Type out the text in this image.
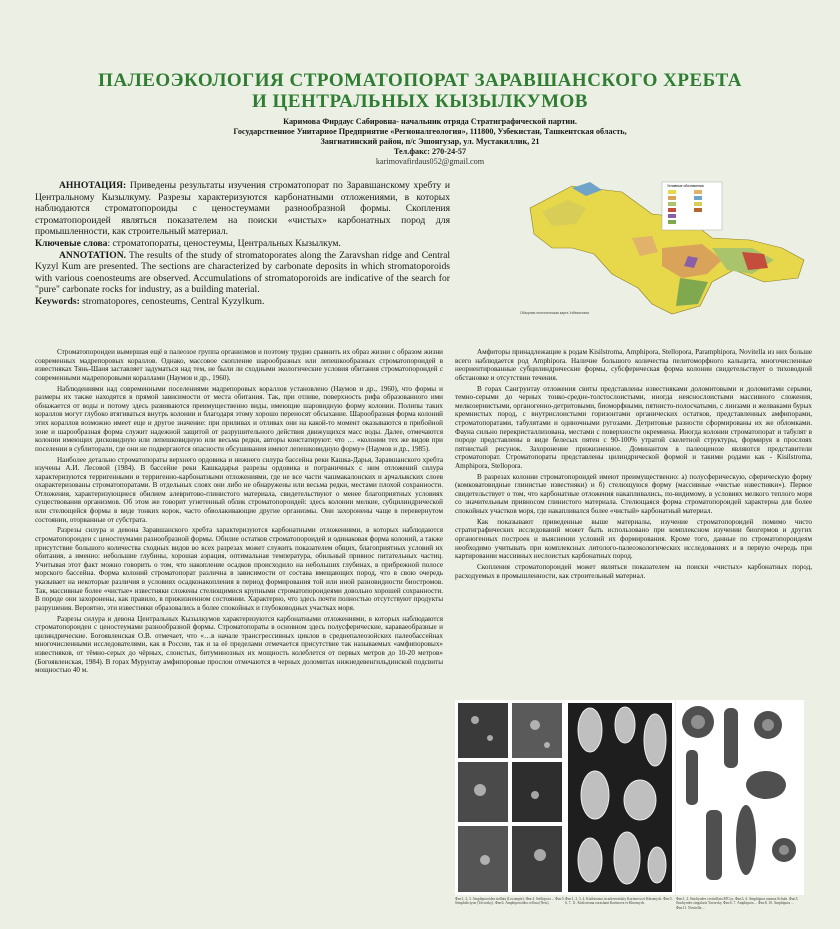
ПАЛЕОЭКОЛОГИЯ СТРОМАТОПОРАТ ЗАРАВШАНСКОГО ХРЕБТА
И ЦЕНТРАЛЬНЫХ КЫЗЫЛКУМОВ
Каримова Фирдаус Сабировна- начальник отряда Стратиграфической партии.
Государственное Унитарное Предприятие «Регионалгеология», 111800, Узбекистан, Ташкентская область,
Зангиатинский район, п/с Эшонгузар, ул. Мустакиллик, 21
Тел.факс: 270-24-57
karimovafirdaus052@gmail.com

АННОТАЦИЯ: Приведены результаты изучения строматопорат по Заравшанскому хребту и Центральному Кызылкуму. Разрезы характеризуются карбонатными отложениями, в которых наблюдаются строматопороиды с ценостеумами разнообразной формы. Скопления строматопороидей являться показателем на поиски «чистых» карбонатных пород для промышленности, как строительный материал.

Ключевые слова: строматопораты, ценостеумы, Центральных Кызылкум.

ANNOTATION. The results of the study of stromatoporates along the Zaravshan ridge and Central Kyzyl Kum are presented. The sections are characterized by carbonate deposits in which stromatoporoids with various coenosteums are observed. Accumulations of stromatoporoids are indicative of the search for "pure" carbonate rocks for industry, as a building material.

Keywords: stromatopores, cenosteums, Central Kyzylkum.

Условные обозначения
Обзорная геологическая карта Узбекистана

Строматопороидеи вымершая ещё в палеозое группа организмов и поэтому трудно сравнить их образ жизни с образом жизни современных мадрепоровых кораллов. Однако, массовое скопление шарообразных или лепешкообразных строматопороидей в известняках Тянь-Шаня заставляет задуматься над тем, не были ли сходными экологические условия обитания строматопороидей с современными мадрепоровыми кораллами (Наумов и др., 1960).

Наблюдениями над современными поселениями мадрепоровых кораллов установлено (Наумов и др., 1960), что формы и размеры их также находятся в прямой зависимости от места обитания. Так, при отливе, поверхность рифа образованного ими обнажается от воды и потому здесь развиваются преимущественно виды, имеющие шаровидную форму колонии. Полипы таких кораллов могут глубоко втягиваться внутрь колонии и благодаря этому хорошо переносят обсыхание. Шарообразная форма колоний этих кораллов возможно имеет еще и другое значение: при приливах и отливах они на какой-то момент оказываются в прибойной зоне и шарообразная форма служит надежной защитой от разрушительного действия движущихся масс воды. Далее, отмечаются колонии имеющих дисковидную или лепешковидную или весьма редки, авторы констатируют: что … «колонии тех же видов при поселении в сублиторали, где они не подвергаются опасности обсушивания имеют лепешковидную форму» (Наумов и др., 1985).

Наиболее детально строматопораты верхнего ордовика и нижнего силура бассейна реки Кашка-Дарья, Заравшанского хребта изучены А.И. Лесовой (1984). В бассейне реки Кашкадарья разрезы ордовика и пограничных с ним отложений силура характеризуются терригенными и терригенно-карбонатными отложениями, где не все части чашмакалонских и арчалыкских слоев охарактеризованы строматопоратами. В отдельных слоях они либо не обнаружены или весьма редки, местами плохой сохранности. Отложения, характеризующиеся обилием алевритово-глинистого материала, свидетельствуют о менее благоприятных условиях существования организмов. Об этом же говорит угнетенный облик строматопороидей: здесь колонии мелкие, субцилиндрической или стелющейся формы в виде тонких корок, часто обволакивающие другие организмы. Они захоронены чаще в перевернутом состоянии, оторванные от субстрата.

Разрезы силура и девона Заравшанского хребта характеризуются карбонатными отложениями, в которых наблюдаются строматопороиден с ценостеумами разнообразной формы. Обилие остатков строматопороидей и одинаковая форма колоний, а также присутствие большого количества сходных видов во всех разрезах может служить показателем общих, благоприятных условий их обитания, а именно: небольшие глубины, хорошая аэрация, оптимальная температура, обильный привнос питательных частиц. Учитывая этот факт можно говорить о том, что накопление осадков происходило на небольших глубинах, в прибрежной полосе морского бассейна. Форма колоний строматопорат различна в зависимости от состава вмещающих пород, что в свою очередь указывает на некоторые различия в условиях осадконакопления в период формирования той или иной разновидности биостромов. Так, массивные более «чистые» известняки сложены стелющимися крупными строматопороидеями довольно хорошей сохранности. В породе они захоронены, как правило, в прижизненном состоянии. Характерно, что здесь почти полностью отсутствуют продукты разрушения. Вероятно, эти известняки образовались в более спокойных и глубоководных участках моря.

Разрезы силура и девона Центральных Кызылкумов характеризуются карбонатными отложениями, в которых наблюдаются строматопороиден с ценостеумами разнообразной формы. Строматопораты в основном здесь полусферические, караваеобразные и цилиндрические. Богоявленская О.В. отмечает, что «…в начале трансгрессивных циклов в среднепалеозойских палеобассейнах многочисленными исследователями, как в России, так и за её пределами отмечается присутствие так называемых «амфипоровых» известняков, от тёмно-серых до чёрных, слоистых, битуминозных их мощность колеблется от первых метров до 10-20 метров» (Богоявленская, 1984). В горах Мурунтау амфипоровые прослои отмечаются в черных доломитах нижнедевенгильдинской подсвиты мощностью 40 м.

Амфиторы принадлежащие к родам Kisilstroma, Amphipora, Stellopora, Paramphipora, Novitella из них больше всего наблюдается род Amphipora. Наличие большого количества пелитоморфного кальцита, многочисленные неориентированные субцилиндрические формы, субсферическая форма колонии свидетельствует о тиховодной обстановке и отсутствии течения.

В горах Сангрунтау отложения свиты представлены известняками доломитовыми и доломитами серыми, темно-серыми до черных тонко-средне-толстослоистыми, иногда неяснослоистыми массивного сложения, мелкозернистыми, органогенно-детритовыми, биоморфными, пятнисто-полосчатыми, с линзами и желваками бурых кремнистых пород, с внутрислоистыми горизонтами органических остатков, представленных амфипорами, строматопоратами, табулятами и одиночными ругозами. Детритовые разности сформированы их же обломками. Фауна сильно перекристаллизована, местами с поверхности окремнена. Иногда колонии строматопорат и табулят в породе представлены в виде белесых пятен с 90-100% утратой скелетной структуры, формируя в прослоях пятнистый рисунок. Захоронение прижизненное. Доминантом в палеоценозе являются представители строматопорат. Строматопораты представлены цилиндрической формой и такими родами как - Kisilstroma, Amphipora, Stellopora.

В разрезах колонии строматопороидей имеют преимущественно: а) полусферическую, сферическую форму (комковатовидные глинистые известняки) и б) стелющуюся форму (массивные «чистые известняки»). Первое свидетельствует о том, что карбонатные отложения накапливались, по-видимому, в условиях мелкого теплого моря со значительным привносом глинистого материала. Стелющаяся форма строматопороидей характерна для более спокойных участков моря, где накапливался более «чистый» карбонатный материал.

Как показывают приведенные выше материалы, изучение строматопороидей помимо чисто стратиграфических исследований может быть использовано при комплексном изучении биогермов и других органогенных построек и выяснении условий их формирования. Кроме того, данные по строматопороидеям необходимо учитывать при комплексных литолого-палеоэкологических исследованиях и в первую очередь при картировании массивных неслоистых карбонатных пород.

Скопления строматопороидей может являться показателем на поиски «чистых» карбонатных пород, расходуемых в промышленности, как строительный материал.

Фиг.1, 2, 3. Amphiporoidea stellata (Lecompte). Фиг.4. Stellopora ... Фиг.5. Simplodictyon (Yavorsky). Фиг.6. Amphiporoidea cellosa (Nest).
Фиг.1, 2, 3, 4. Kisilstroma tscarkenvatskiy Korimova et Khromych. Фиг.5, 6, 7, 11. Kisilstroma zorashani Korimova et Khromych.
Фиг.1, 2. Stachyodes verticillata M'Coy. Фиг.3, 4. Amphipora ramosa Schulz. Фиг.5. Stachyodes singularis Yavorsky. Фиг.6, 7. Amphipora ... Фиг.8, 10. Amphipora ... Фиг.11. Novitella ...
